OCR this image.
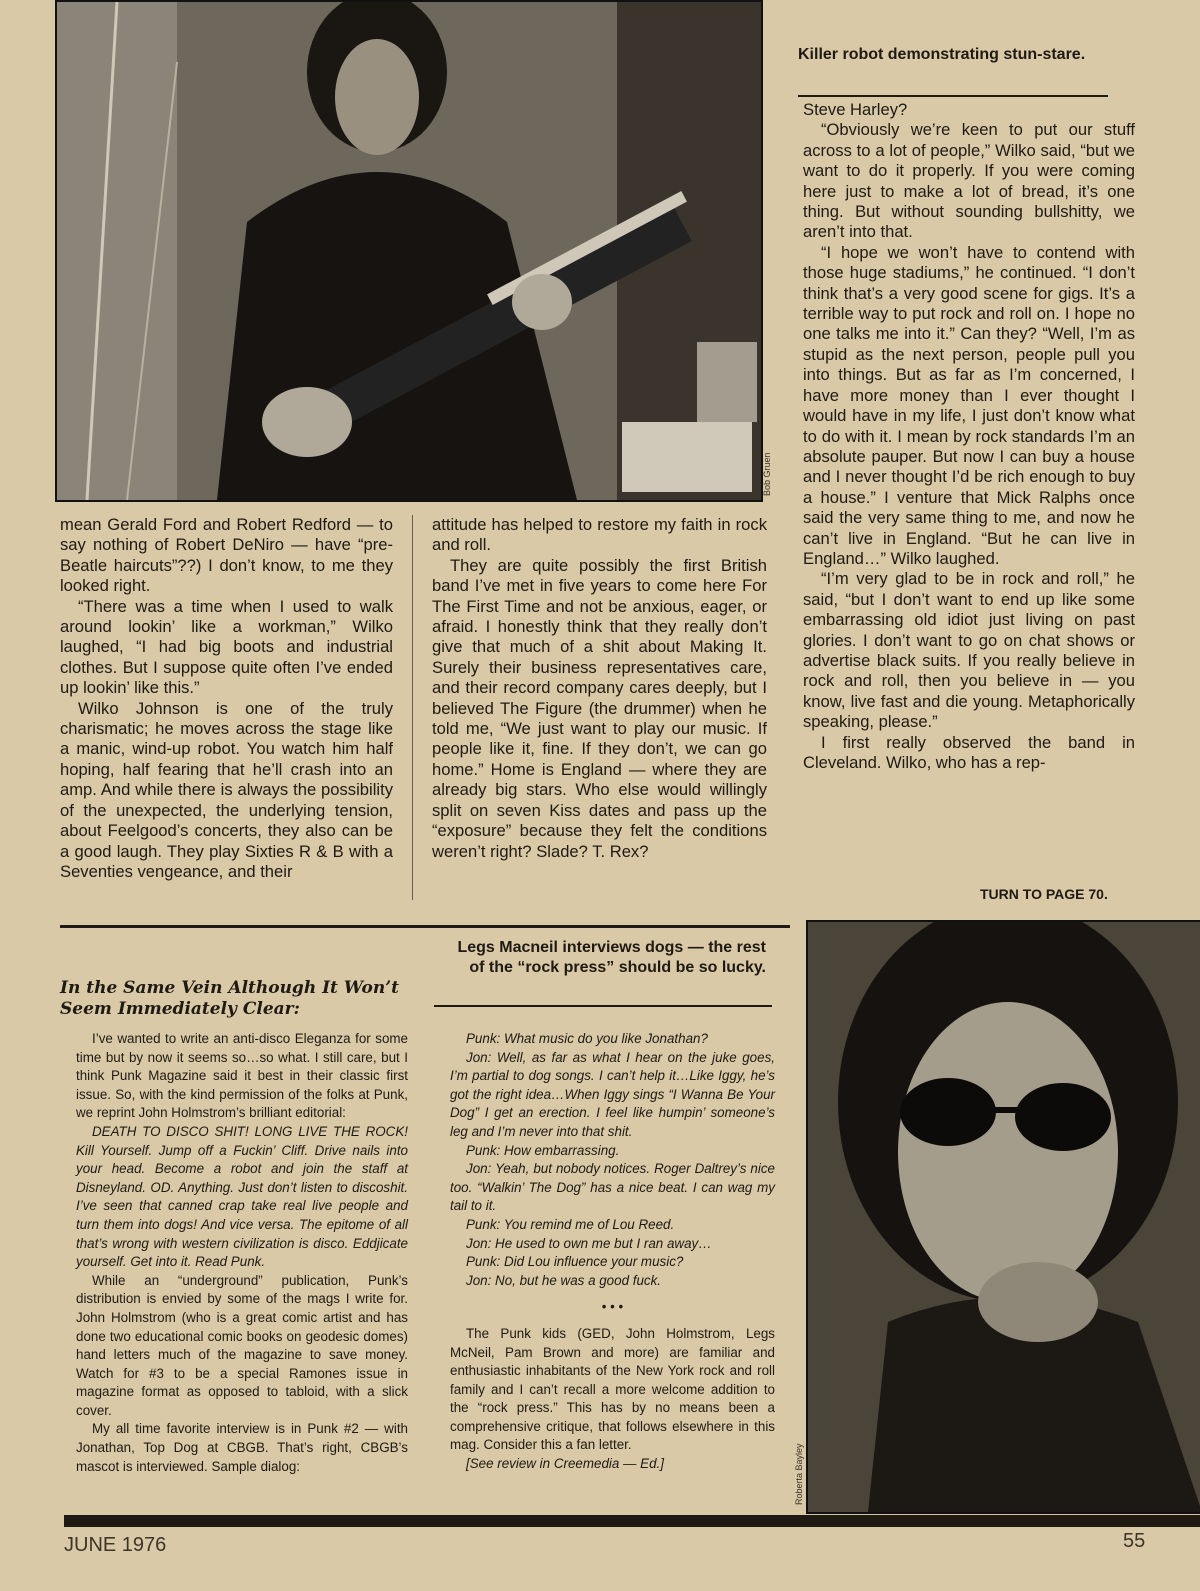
Bob Gruen
Killer robot demonstrating stun-stare.

mean Gerald Ford and Robert Redford — to say nothing of Robert DeNiro — have “pre-Beatle haircuts”??) I don’t know, to me they looked right.

“There was a time when I used to walk around lookin’ like a workman,” Wilko laughed, “I had big boots and industrial clothes. But I suppose quite often I’ve ended up lookin’ like this.”

Wilko Johnson is one of the truly charismatic; he moves across the stage like a manic, wind-up robot. You watch him half hoping, half fearing that he’ll crash into an amp. And while there is always the possibility of the unexpected, the underlying tension, about Feelgood’s concerts, they also can be a good laugh. They play Sixties R & B with a Seventies vengeance, and their

attitude has helped to restore my faith in rock and roll.

They are quite possibly the first British band I’ve met in five years to come here For The First Time and not be anxious, eager, or afraid. I honestly think that they really don’t give that much of a shit about Making It. Surely their business representatives care, and their record company cares deeply, but I believed The Figure (the drummer) when he told me, “We just want to play our music. If people like it, fine. If they don’t, we can go home.” Home is England — where they are already big stars. Who else would willingly split on seven Kiss dates and pass up the “exposure” because they felt the conditions weren’t right? Slade? T. Rex?

Steve Harley?

“Obviously we’re keen to put our stuff across to a lot of people,” Wilko said, “but we want to do it properly. If you were coming here just to make a lot of bread, it’s one thing. But without sounding bullshitty, we aren’t into that.

“I hope we won’t have to contend with those huge stadiums,” he continued. “I don’t think that’s a very good scene for gigs. It’s a terrible way to put rock and roll on. I hope no one talks me into it.” Can they? “Well, I’m as stupid as the next person, people pull you into things. But as far as I’m concerned, I have more money than I ever thought I would have in my life, I just don’t know what to do with it. I mean by rock standards I’m an absolute pauper. But now I can buy a house and I never thought I’d be rich enough to buy a house.” I venture that Mick Ralphs once said the very same thing to me, and now he can’t live in England. “But he can live in England…” Wilko laughed.

“I’m very glad to be in rock and roll,” he said, “but I don’t want to end up like some embarrassing old idiot just living on past glories. I don’t want to go on chat shows or advertise black suits. If you really believe in rock and roll, then you believe in — you know, live fast and die young. Metaphorically speaking, please.”

I first really observed the band in Cleveland. Wilko, who has a rep-

TURN TO PAGE 70.
In the Same Vein Although It Won’t Seem Immediately Clear:

I’ve wanted to write an anti-disco Eleganza for some time but by now it seems so…so what. I still care, but I think Punk Magazine said it best in their classic first issue. So, with the kind permission of the folks at Punk, we reprint John Holmstrom’s brilliant editorial:

DEATH TO DISCO SHIT! LONG LIVE THE ROCK! Kill Yourself. Jump off a Fuckin’ Cliff. Drive nails into your head. Become a robot and join the staff at Disneyland. OD. Anything. Just don’t listen to discoshit. I’ve seen that canned crap take real live people and turn them into dogs! And vice versa. The epitome of all that’s wrong with western civilization is disco. Eddjicate yourself. Get into it. Read Punk.

While an “underground” publication, Punk’s distribution is envied by some of the mags I write for. John Holmstrom (who is a great comic artist and has done two educational comic books on geodesic domes) hand letters much of the magazine to save money. Watch for #3 to be a special Ramones issue in magazine format as opposed to tabloid, with a slick cover.

My all time favorite interview is in Punk #2 — with Jonathan, Top Dog at CBGB. That’s right, CBGB’s mascot is interviewed. Sample dialog:

Legs Macneil interviews dogs — the rest of the “rock press” should be so lucky.

Punk: What music do you like Jonathan?

Jon: Well, as far as what I hear on the juke goes, I’m partial to dog songs. I can’t help it…Like Iggy, he’s got the right idea…When Iggy sings “I Wanna Be Your Dog” I get an erection. I feel like humpin’ someone’s leg and I’m never into that shit.

Punk: How embarrassing.

Jon: Yeah, but nobody notices. Roger Daltrey’s nice too. “Walkin’ The Dog” has a nice beat. I can wag my tail to it.

Punk: You remind me of Lou Reed.

Jon: He used to own me but I ran away…

Punk: Did Lou influence your music?

Jon: No, but he was a good fuck.

• • •

The Punk kids (GED, John Holmstrom, Legs McNeil, Pam Brown and more) are familiar and enthusiastic inhabitants of the New York rock and roll family and I can’t recall a more welcome addition to the “rock press.” This has by no means been a comprehensive critique, that follows elsewhere in this mag. Consider this a fan letter.

[See review in Creemedia — Ed.]	Roberta Bayley
JUNE 1976	55
